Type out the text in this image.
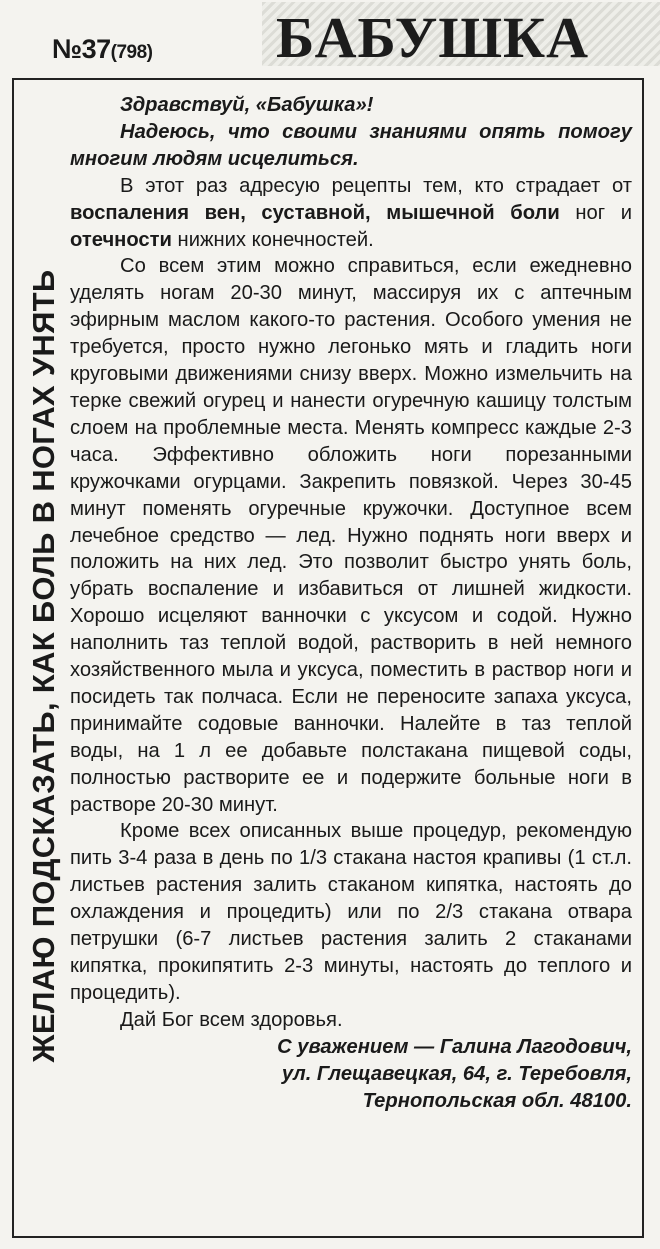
№37(798) БАБУШКА
ЖЕЛАЮ ПОДСКАЗАТЬ, КАК БОЛЬ В НОГАХ УНЯТЬ

Здравствуй, «Бабушка»!

Надеюсь, что своими знаниями опять помогу многим людям исцелиться.

В этот раз адресую рецепты тем, кто страдает от воспаления вен, суставной, мышечной боли ног и отечности нижних конечностей.

Со всем этим можно справиться, если ежедневно уделять ногам 20-30 минут, массируя их с аптечным эфирным маслом какого-то растения. Особого умения не требуется, просто нужно легонько мять и гладить ноги круговыми движениями снизу вверх. Можно измельчить на терке свежий огурец и нанести огуречную кашицу толстым слоем на проблемные места. Менять компресс каждые 2-3 часа. Эффективно обложить ноги порезанными кружочками огурцами. Закрепить повязкой. Через 30-45 минут поменять огуречные кружочки. Доступное всем лечебное средство — лед. Нужно поднять ноги вверх и положить на них лед. Это позволит быстро унять боль, убрать воспаление и избавиться от лишней жидкости. Хорошо исцеляют ванночки с уксусом и содой. Нужно наполнить таз теплой водой, растворить в ней немного хозяйственного мыла и уксуса, поместить в раствор ноги и посидеть так полчаса. Если не переносите запаха уксуса, принимайте содовые ванночки. Налейте в таз теплой воды, на 1 л ее добавьте полстакана пищевой соды, полностью растворите ее и подержите больные ноги в растворе 20-30 минут.

Кроме всех описанных выше процедур, рекомендую пить 3-4 раза в день по 1/3 стакана настоя крапивы (1 ст.л. листьев растения залить стаканом кипятка, настоять до охлаждения и процедить) или по 2/3 стакана отвара петрушки (6-7 листьев растения залить 2 стаканами кипятка, прокипятить 2-3 минуты, настоять до теплого и процедить).

Дай Бог всем здоровья.

С уважением — Галина Лагодович,

ул. Глещавецкая, 64, г. Теребовля,

Тернопольская обл. 48100.
